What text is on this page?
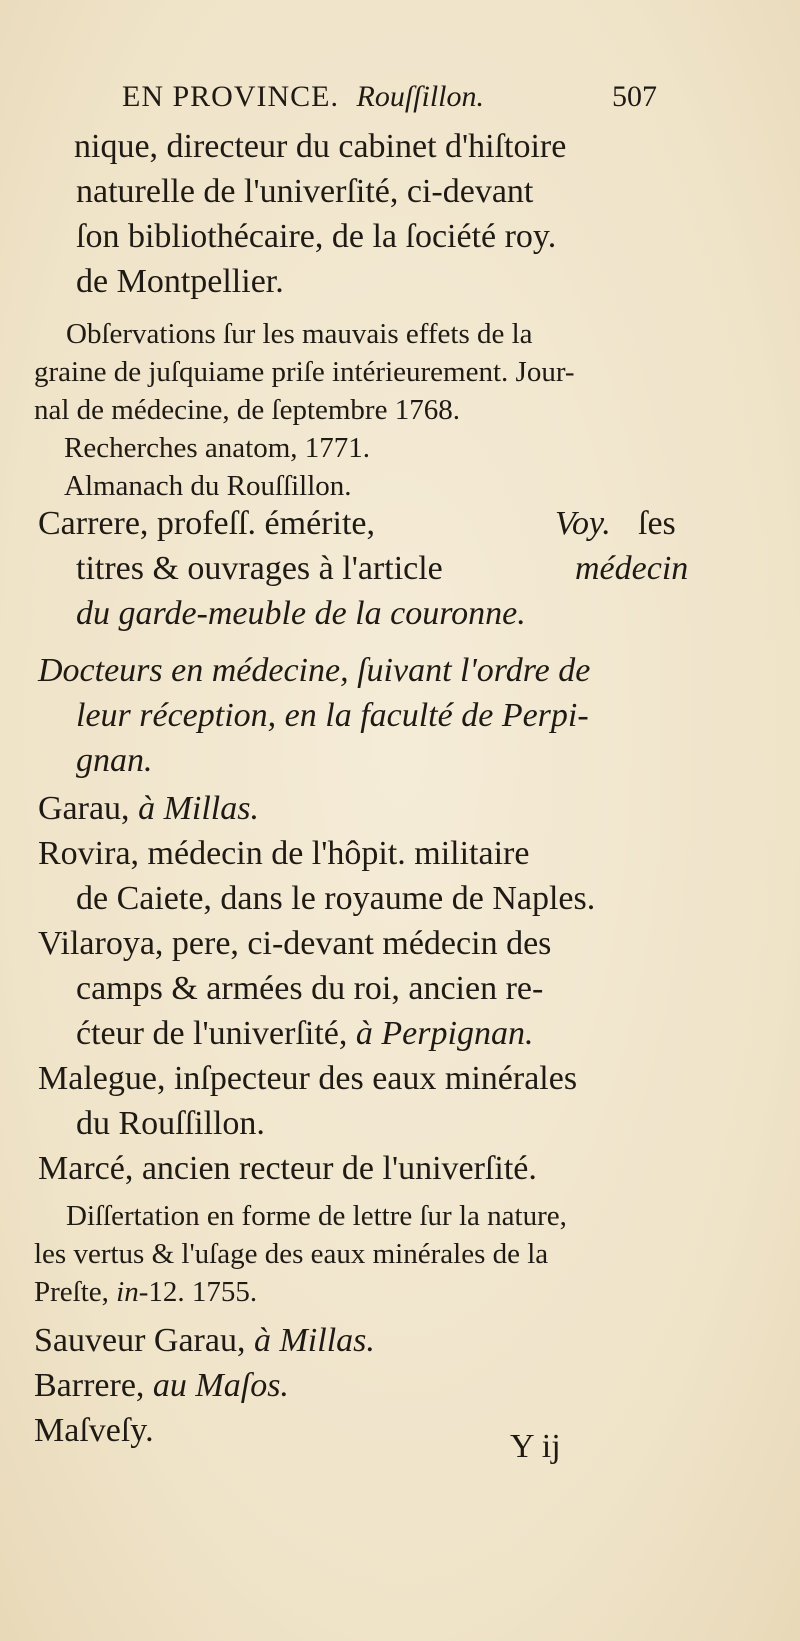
EN PROVINCE. Rouſſillon.	507
nique, directeur du cabinet d'hiſtoire
naturelle de l'univerſité, ci-devant
ſon bibliothécaire, de la ſociété roy.
de Montpellier.
Obſervations ſur les mauvais effets de la
graine de juſquiame priſe intérieurement. Jour-
nal de médecine, de ſeptembre 1768.
Recherches anatom, 1771.
Almanach du Rouſſillon.
Carrere, profeſſ. émérite,	Voy. ſes
titres & ouvrages à l'article	médecin
du garde-meuble de la couronne.
Docteurs en médecine, ſuivant l'ordre de
leur réception, en la faculté de Perpi-
gnan.
Garau, à Millas.
Rovira, médecin de l'hôpit. militaire
de Caiete, dans le royaume de Naples.
Vilaroya, pere, ci-devant médecin des
camps & armées du roi, ancien re-
ćteur de l'univerſité, à Perpignan.
Malegue, inſpecteur des eaux minérales
du Rouſſillon.
Marcé, ancien recteur de l'univerſité.
Diſſertation en forme de lettre ſur la nature,
les vertus & l'uſage des eaux minérales de la
Preſte, in-12. 1755.
Sauveur Garau, à Millas.
Barrere, au Maſos.
Maſveſy.	Y ij
